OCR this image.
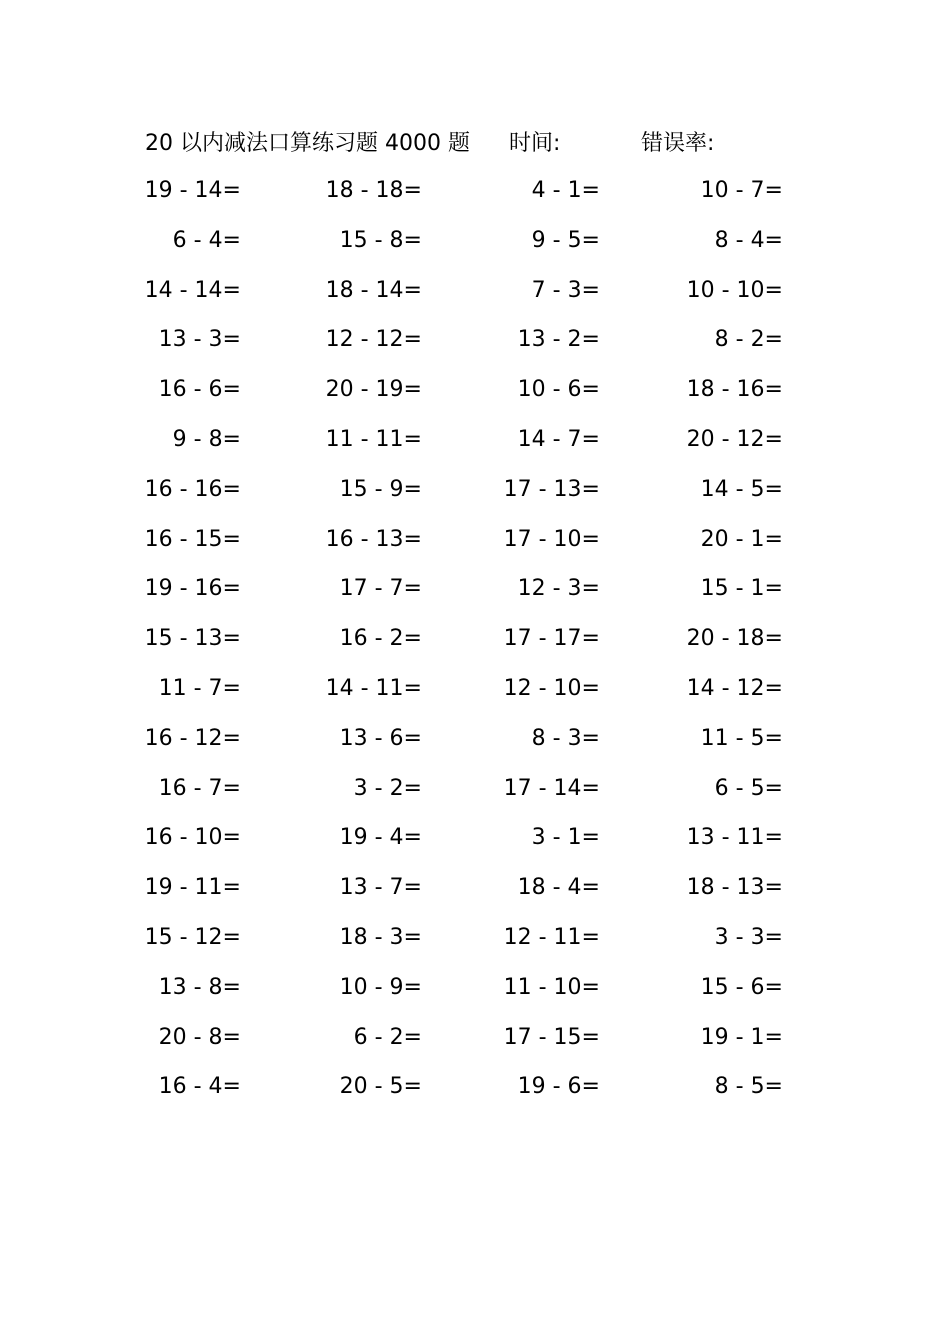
20 以内减法口算练习题 4000 题 时间:	错误率:
19 - 14=	18 - 18=	4 - 1=	10 - 7=
6 - 4=	15 - 8=	9 - 5=	8 - 4=
14 - 14=	18 - 14=	7 - 3=	10 - 10=
13 - 3=	12 - 12=	13 - 2=	8 - 2=
16 - 6=	20 - 19=	10 - 6=	18 - 16=
9 - 8=	11 - 11=	14 - 7=	20 - 12=
16 - 16=	15 - 9=	17 - 13=	14 - 5=
16 - 15=	16 - 13=	17 - 10=	20 - 1=
19 - 16=	17 - 7=	12 - 3=	15 - 1=
15 - 13=	16 - 2=	17 - 17=	20 - 18=
11 - 7=	14 - 11=	12 - 10=	14 - 12=
16 - 12=	13 - 6=	8 - 3=	11 - 5=
16 - 7=	3 - 2=	17 - 14=	6 - 5=
16 - 10=	19 - 4=	3 - 1=	13 - 11=
19 - 11=	13 - 7=	18 - 4=	18 - 13=
15 - 12=	18 - 3=	12 - 11=	3 - 3=
13 - 8=	10 - 9=	11 - 10=	15 - 6=
20 - 8=	6 - 2=	17 - 15=	19 - 1=
16 - 4=	20 - 5=	19 - 6=	8 - 5=
